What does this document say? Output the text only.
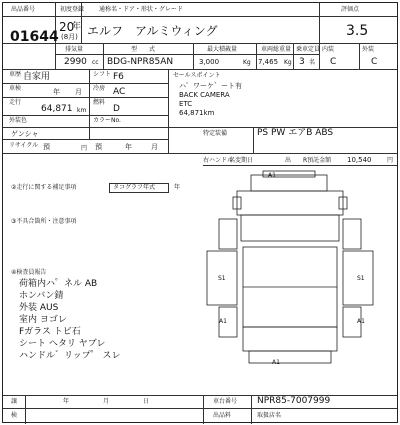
出品番号
01644
初度登録
20
年
(8月)
通称名・ドア・形状・グレード
エルフ　アルミウィング
評価点
3.5
排気量
2990 cc
型　　式
BDG-NPR85AN
最大積載量
3,000	Kg
車両総重量
7,465 Kg
乗車定員
3 名
内装
C
外装
C
車歴 自家用	シフト F6
車検	年 月 冷房 AC
走行
64,871 km
燃料
D
外装色
ゲンシャ
カラーNo.
リサイクル 預	円 預	年	月
セールスポイント
ハ゜ワーケ゛ート有
BACK CAMERA
ETC
64,871km
特定装備	PS PW エアB ABS
右ハンドル
名変期日	出 R預託金額 10,540	円
②走行に関する補足事項	タコグラフ年式	年
③不具合箇所・注意事項
④検査員報告
荷箱内ハ゜ネル AB
ホンバン錆
外装 AUS
室内 ヨゴレ
Fガラス トビ石
シート ヘタリ ヤブレ
ハンドル゛リップ゜ スレ
A1
S1	S1
A1	A1
A1
譲	年	月	日
検
車台番号 NPR85-7007999
出品料	取扱店名
